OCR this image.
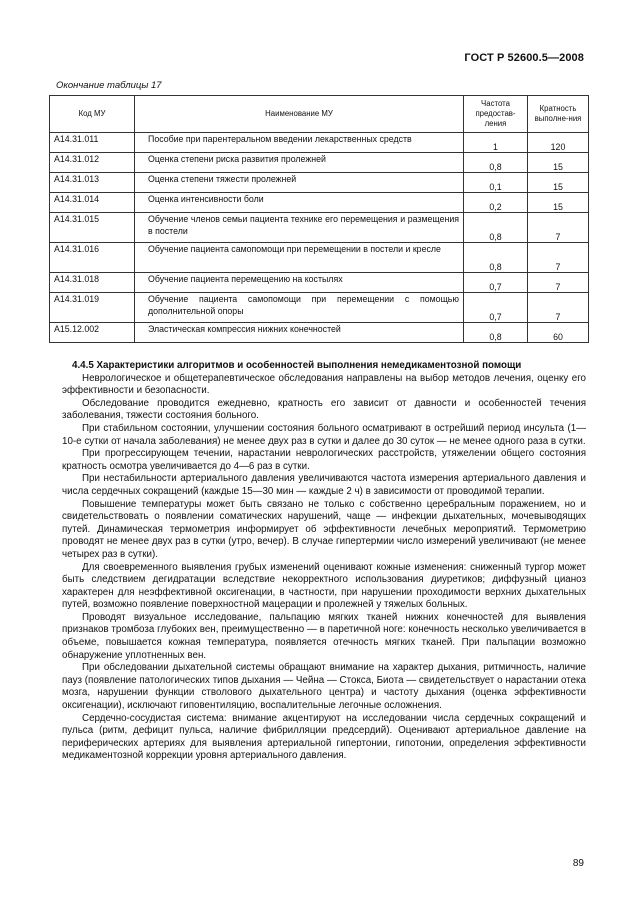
ГОСТ Р 52600.5—2008
Окончание таблицы 17
Код МУ	Наименование МУ	Частота предостав-ления	Кратность выполне-ния
A14.31.011	Пособие при парентеральном введении лекарственных средств	1	120
A14.31.012	Оценка степени риска развития пролежней	0,8	15
A14.31.013	Оценка степени тяжести пролежней	0,1	15
A14.31.014	Оценка интенсивности боли	0,2	15
A14.31.015	Обучение членов семьи пациента технике его перемещения и размещения в постели	0,8	7
A14.31.016	Обучение пациента самопомощи при перемещении в постели и кресле	0,8	7
A14.31.018	Обучение пациента перемещению на костылях	0,7	7
A14.31.019	Обучение пациента самопомощи при перемещении с помощью дополнительной опоры	0,7	7
A15.12.002	Эластическая компрессия нижних конечностей	0,8	60

4.4.5 Характеристики алгоритмов и особенностей выполнения немедикаментозной помощи

Неврологическое и общетерапевтическое обследования направлены на выбор методов лечения, оценку его эффективности и безопасности.

Обследование проводится ежедневно, кратность его зависит от давности и особенностей течения заболевания, тяжести состояния больного.

При стабильном состоянии, улучшении состояния больного осматривают в острейший период инсульта (1—10-е сутки от начала заболевания) не менее двух раз в сутки и далее до 30 суток — не менее одного раза в сутки.

При прогрессирующем течении, нарастании неврологических расстройств, утяжелении общего состояния кратность осмотра увеличивается до 4—6 раз в сутки.

При нестабильности артериального давления увеличиваются частота измерения артериального давления и числа сердечных сокращений (каждые 15—30 мин — каждые 2 ч) в зависимости от проводимой терапии.

Повышение температуры может быть связано не только с собственно церебральным поражением, но и свидетельствовать о появлении соматических нарушений, чаще — инфекции дыхательных, мочевыводящих путей. Динамическая термометрия информирует об эффективности лечебных мероприятий. Термометрию проводят не менее двух раз в сутки (утро, вечер). В случае гипертермии число измерений увеличивают (не менее четырех раз в сутки).

Для своевременного выявления грубых изменений оценивают кожные изменения: сниженный тургор может быть следствием дегидратации вследствие некорректного использования диуретиков; диффузный цианоз характерен для неэффективной оксигенации, в частности, при нарушении проходимости верхних дыхательных путей, возможно появление поверхностной мацерации и пролежней у тяжелых больных.

Проводят визуальное исследование, пальпацию мягких тканей нижних конечностей для выявления признаков тромбоза глубоких вен, преимущественно — в паретичной ноге: конечность несколько увеличивается в объеме, повышается кожная температура, появляется отечность мягких тканей. При пальпации возможно обнаружение уплотненных вен.

При обследовании дыхательной системы обращают внимание на характер дыхания, ритмичность, наличие пауз (появление патологических типов дыхания — Чейна — Стокса, Биота — свидетельствует о нарастании отека мозга, нарушении функции стволового дыхательного центра) и частоту дыхания (оценка эффективности оксигенации), исключают гиповентиляцию, воспалительные легочные осложнения.

Сердечно-сосудистая система: внимание акцентируют на исследовании числа сердечных сокращений и пульса (ритм, дефицит пульса, наличие фибрилляции предсердий). Оценивают артериальное давление на периферических артериях для выявления артериальной гипертонии, гипотонии, определения эффективности медикаментозной коррекции уровня артериального давления.

89
